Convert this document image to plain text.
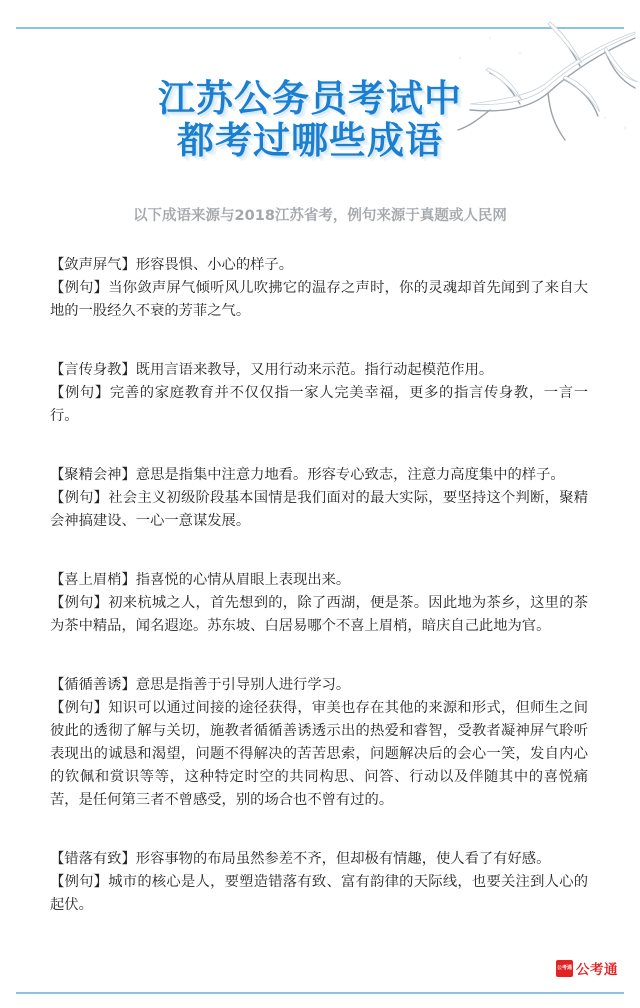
江苏公务员考试中
都考过哪些成语
以下成语来源与2018江苏省考，例句来源于真题或人民网
【敛声屏气】形容畏惧、小心的样子。
【例句】当你敛声屏气倾听风儿吹拂它的温存之声时，你的灵魂却首先闻到了来自大地的一股经久不衰的芳菲之气。
【言传身教】既用言语来教导，又用行动来示范。指行动起模范作用。
【例句】完善的家庭教育并不仅仅指一家人完美幸福，更多的指言传身教，一言一行。
【聚精会神】意思是指集中注意力地看。形容专心致志，注意力高度集中的样子。
【例句】社会主义初级阶段基本国情是我们面对的最大实际，要坚持这个判断，聚精会神搞建设、一心一意谋发展。
【喜上眉梢】指喜悦的心情从眉眼上表现出来。
【例句】初来杭城之人，首先想到的，除了西湖，便是茶。因此地为茶乡，这里的茶为茶中精品，闻名遐迩。苏东坡、白居易哪个不喜上眉梢，暗庆自己此地为官。
【循循善诱】意思是指善于引导别人进行学习。
【例句】知识可以通过间接的途径获得，审美也存在其他的来源和形式，但师生之间彼此的透彻了解与关切，施教者循循善诱透示出的热爱和睿智，受教者凝神屏气聆听表现出的诚恳和渴望，问题不得解决的苦苦思索，问题解决后的会心一笑，发自内心的钦佩和赏识等等，这种特定时空的共同构思、问答、行动以及伴随其中的喜悦痛苦，是任何第三者不曾感受，别的场合也不曾有过的。
【错落有致】形容事物的布局虽然参差不齐，但却极有情趣，使人看了有好感。
【例句】城市的核心是人，要塑造错落有致、富有韵律的天际线，也要关注到人心的起伏。
公考通 公考通
